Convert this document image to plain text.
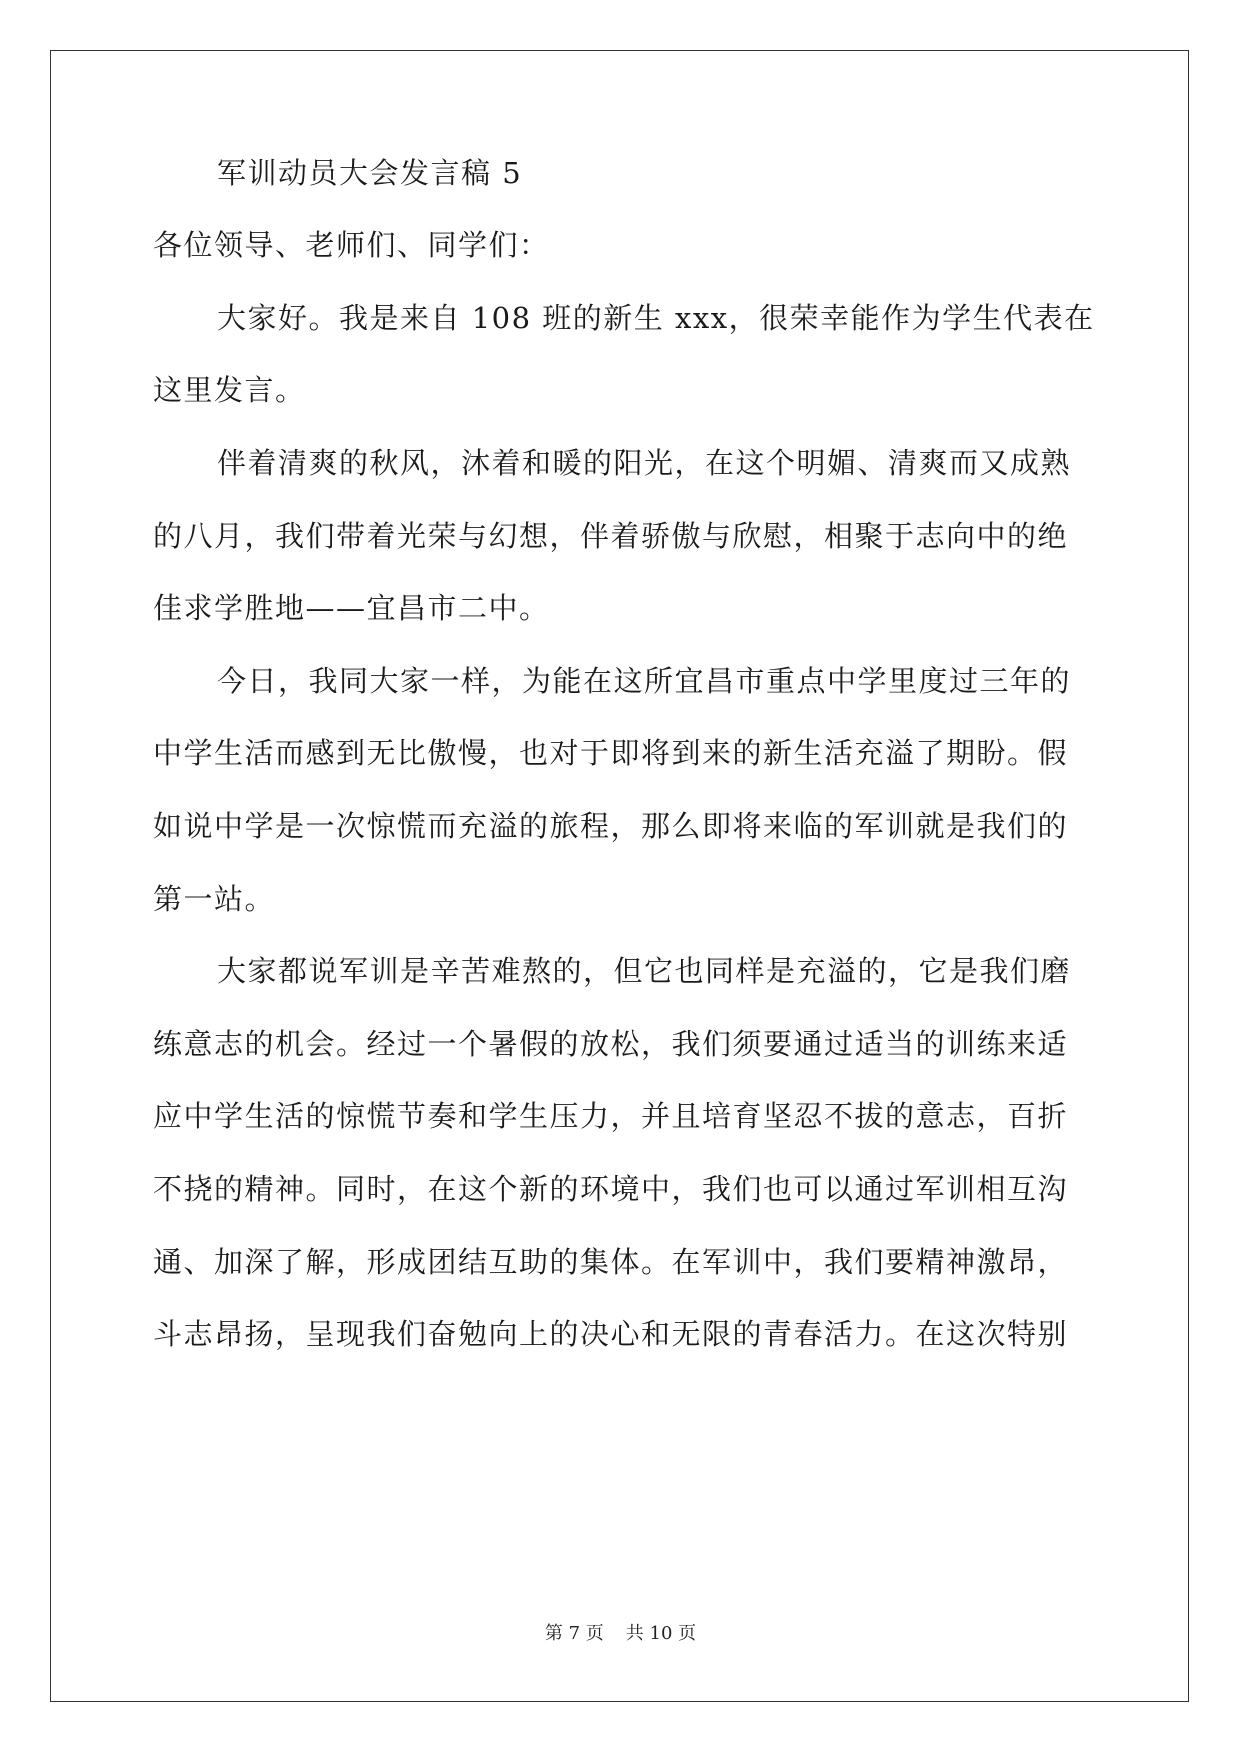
军训动员大会发言稿 5
各位领导、老师们、同学们：
大家好。我是来自 108 班的新生 xxx，很荣幸能作为学生代表在
这里发言。
伴着清爽的秋风，沐着和暖的阳光，在这个明媚、清爽而又成熟
的八月，我们带着光荣与幻想，伴着骄傲与欣慰，相聚于志向中的绝
佳求学胜地——宜昌市二中。
今日，我同大家一样，为能在这所宜昌市重点中学里度过三年的
中学生活而感到无比傲慢，也对于即将到来的新生活充溢了期盼。假
如说中学是一次惊慌而充溢的旅程，那么即将来临的军训就是我们的
第一站。
大家都说军训是辛苦难熬的，但它也同样是充溢的，它是我们磨
练意志的机会。经过一个暑假的放松，我们须要通过适当的训练来适
应中学生活的惊慌节奏和学生压力，并且培育坚忍不拔的意志，百折
不挠的精神。同时，在这个新的环境中，我们也可以通过军训相互沟
通、加深了解，形成团结互助的集体。在军训中，我们要精神激昂，
斗志昂扬，呈现我们奋勉向上的决心和无限的青春活力。在这次特别
第 7 页 共 10 页
